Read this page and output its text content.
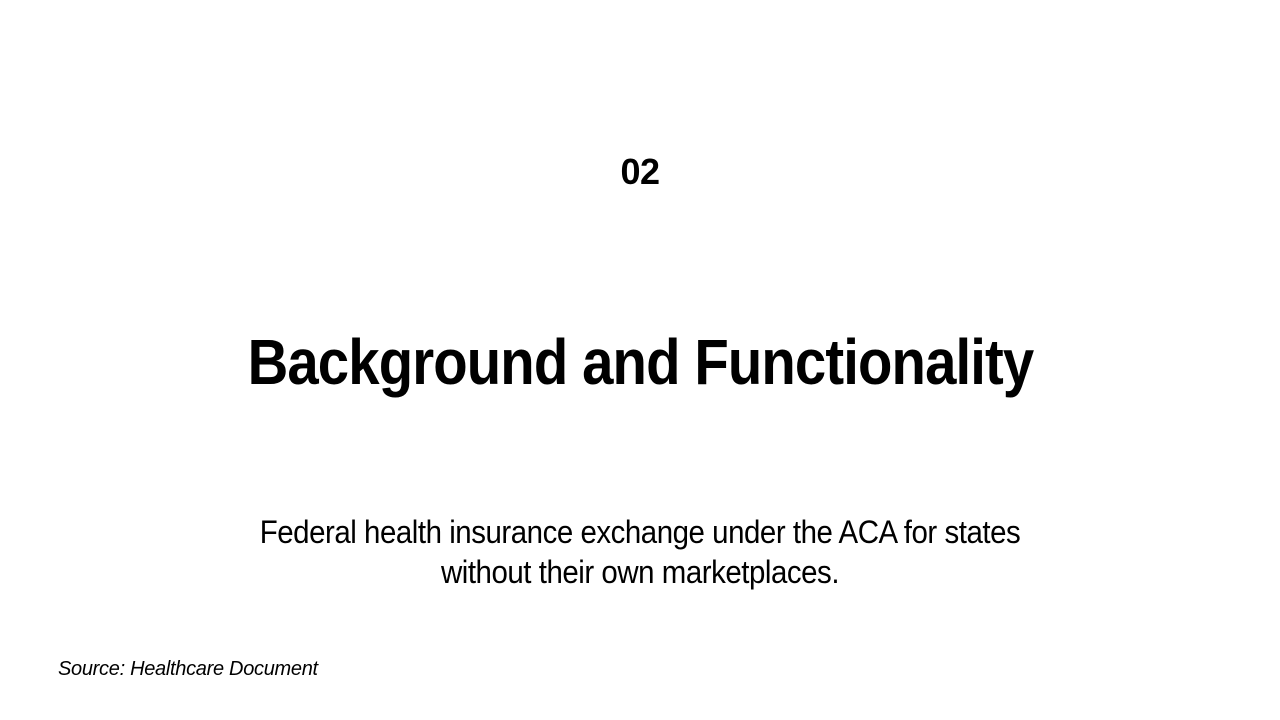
02
Background and Functionality
Federal health insurance exchange under the ACA for states without their own marketplaces.
Source: Healthcare Document
